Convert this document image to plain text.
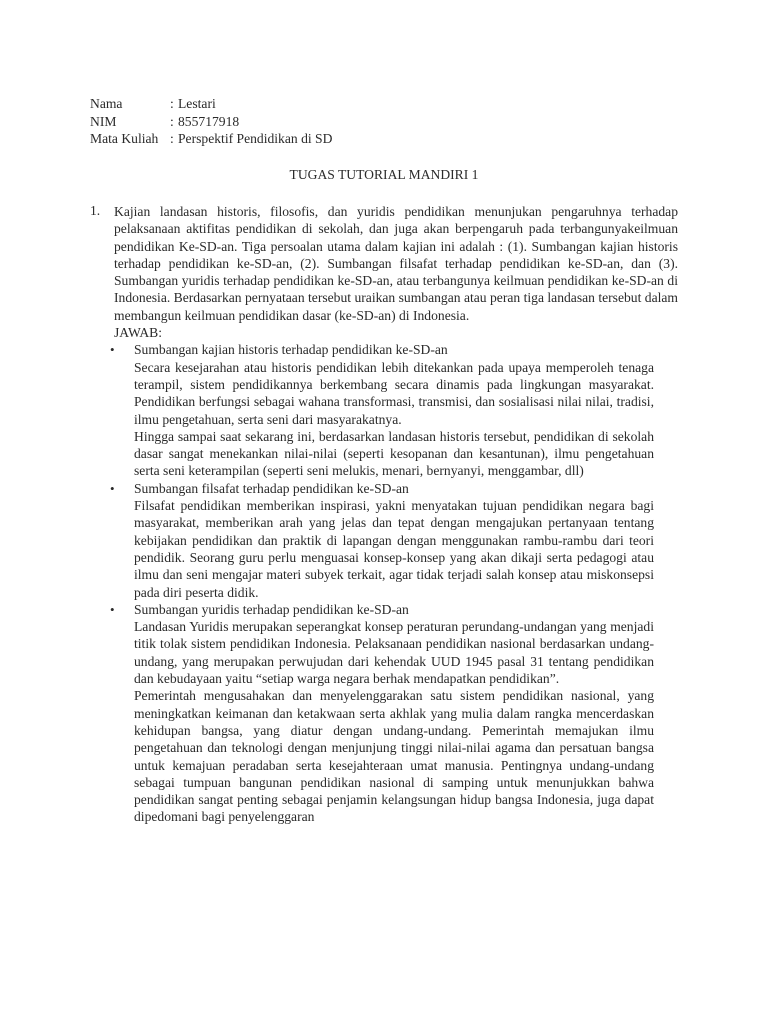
Nama	: Lestari
NIM	: 855717918
Mata Kuliah : Perspektif Pendidikan di SD
TUGAS TUTORIAL MANDIRI 1
1. Kajian landasan historis, filosofis, dan yuridis pendidikan menunjukan pengaruhnya terhadap pelaksanaan aktifitas pendidikan di sekolah, dan juga akan berpengaruh pada terbangunyakeilmuan pendidikan Ke-SD-an. Tiga persoalan utama dalam kajian ini adalah : (1). Sumbangan kajian historis terhadap pendidikan ke-SD-an, (2). Sumbangan filsafat terhadap pendidikan ke-SD-an, dan (3). Sumbangan yuridis terhadap pendidikan ke-SD-an, atau terbangunya keilmuan pendidikan ke-SD-an di Indonesia. Berdasarkan pernyataan tersebut uraikan sumbangan atau peran tiga landasan tersebut dalam membangun keilmuan pendidikan dasar (ke-SD-an) di Indonesia.

JAWAB:

• Sumbangan kajian historis terhadap pendidikan ke-SD-an

Secara kesejarahan atau historis pendidikan lebih ditekankan pada upaya memperoleh tenaga terampil, sistem pendidikannya berkembang secara dinamis pada lingkungan masyarakat. Pendidikan berfungsi sebagai wahana transformasi, transmisi, dan sosialisasi nilai nilai, tradisi, ilmu pengetahuan, serta seni dari masyarakatnya.

Hingga sampai saat sekarang ini, berdasarkan landasan historis tersebut, pendidikan di sekolah dasar sangat menekankan nilai-nilai (seperti kesopanan dan kesantunan), ilmu pengetahuan serta seni keterampilan (seperti seni melukis, menari, bernyanyi, menggambar, dll)

• Sumbangan filsafat terhadap pendidikan ke-SD-an

Filsafat pendidikan memberikan inspirasi, yakni menyatakan tujuan pendidikan negara bagi masyarakat, memberikan arah yang jelas dan tepat dengan mengajukan pertanyaan tentang kebijakan pendidikan dan praktik di lapangan dengan menggunakan rambu-rambu dari teori pendidik. Seorang guru perlu menguasai konsep-konsep yang akan dikaji serta pedagogi atau ilmu dan seni mengajar materi subyek terkait, agar tidak terjadi salah konsep atau miskonsepsi pada diri peserta didik.

• Sumbangan yuridis terhadap pendidikan ke-SD-an

Landasan Yuridis merupakan seperangkat konsep peraturan perundang-undangan yang menjadi titik tolak sistem pendidikan Indonesia. Pelaksanaan pendidikan nasional berdasarkan undang-undang, yang merupakan perwujudan dari kehendak UUD 1945 pasal 31 tentang pendidikan dan kebudayaan yaitu “setiap warga negara berhak mendapatkan pendidikan”.

Pemerintah mengusahakan dan menyelenggarakan satu sistem pendidikan nasional, yang meningkatkan keimanan dan ketakwaan serta akhlak yang mulia dalam rangka mencerdaskan kehidupan bangsa, yang diatur dengan undang-undang. Pemerintah memajukan ilmu pengetahuan dan teknologi dengan menjunjung tinggi nilai-nilai agama dan persatuan bangsa untuk kemajuan peradaban serta kesejahteraan umat manusia. Pentingnya undang-undang sebagai tumpuan bangunan pendidikan nasional di samping untuk menunjukkan bahwa pendidikan sangat penting sebagai penjamin kelangsungan hidup bangsa Indonesia, juga dapat dipedomani bagi penyelenggaran
